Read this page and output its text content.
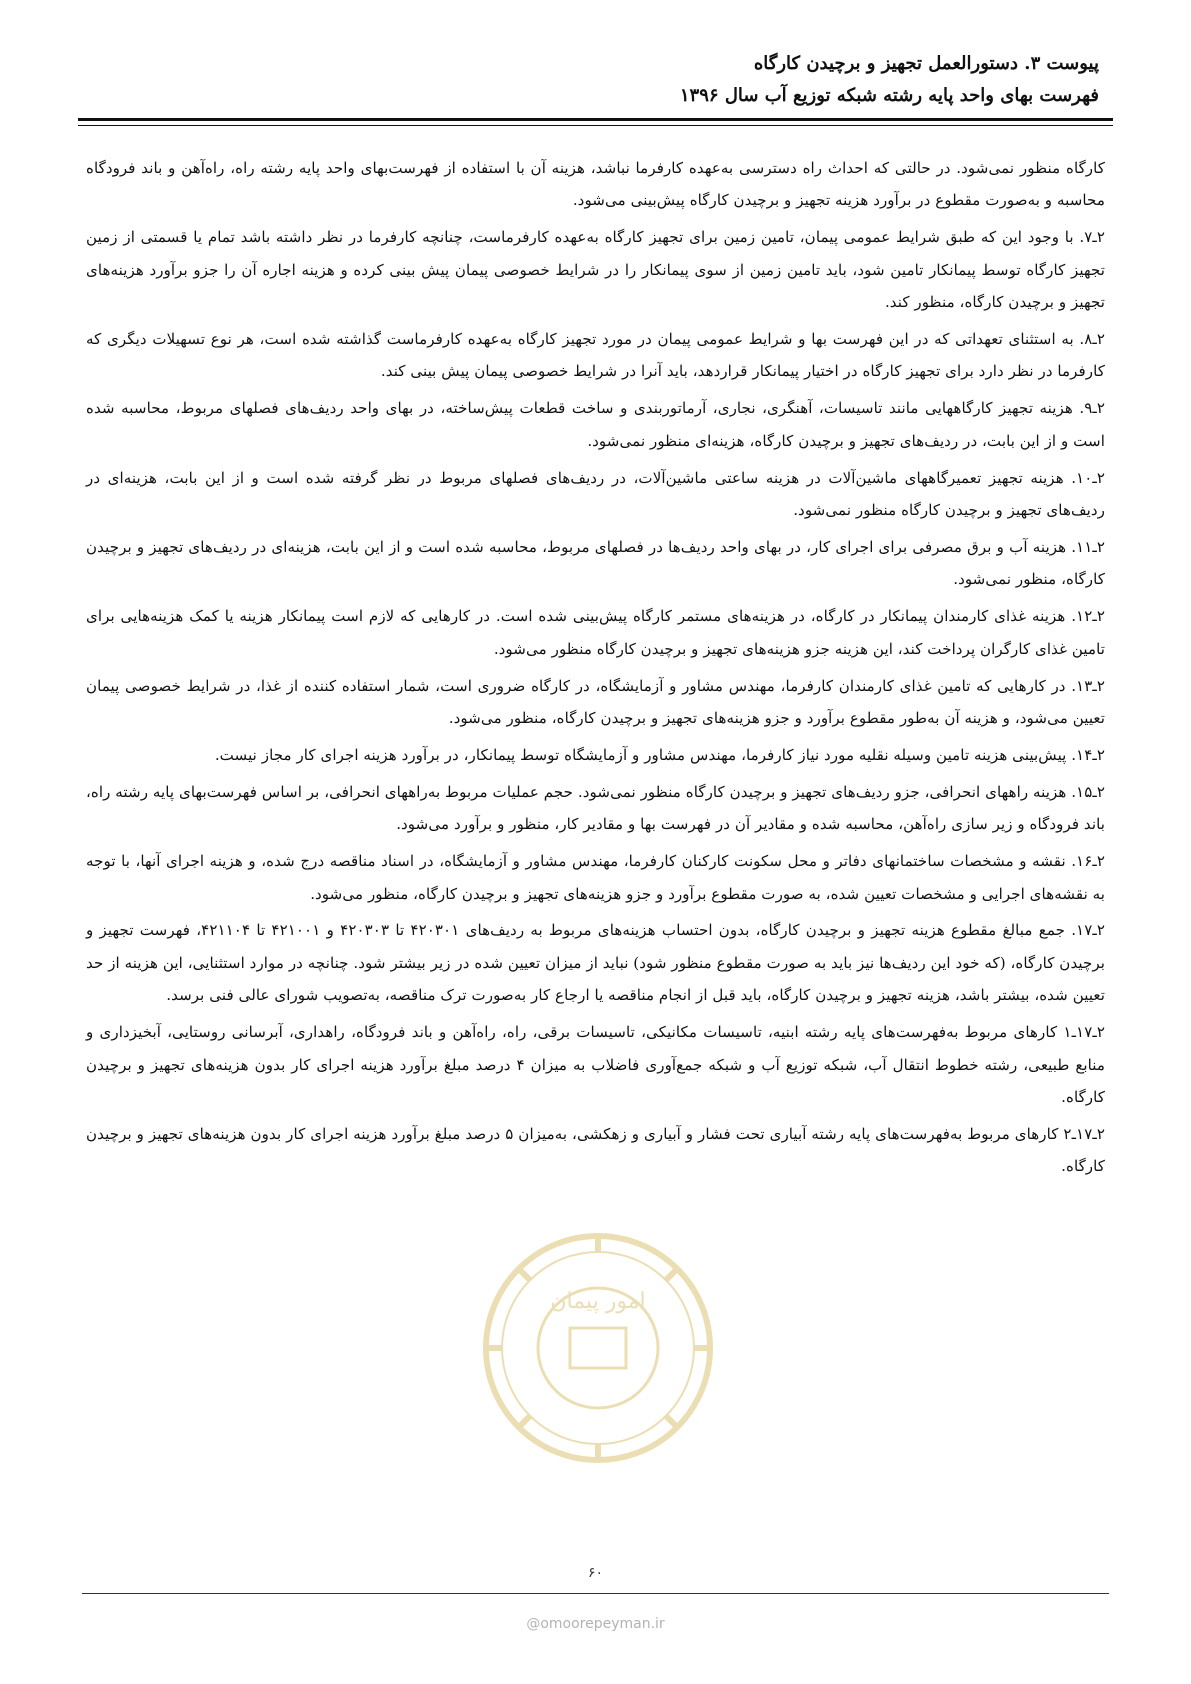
پیوست ۳. دستورالعمل تجهیز و برچیدن کارگاه
فهرست بهای واحد پایه رشته شبکه توزیع آب سال ۱۳۹۶
امور پیمان

کارگاه منظور نمی‌شود. در حالتی که احداث راه دسترسی به‌عهده کارفرما نباشد، هزینه آن با استفاده از فهرست‌بهای واحد پایه رشته راه، راه‌آهن و باند فرودگاه محاسبه و به‌صورت مقطوع در برآورد هزینه تجهیز و برچیدن کارگاه پیش‌بینی می‌شود.

۲ـ۷. با وجود این که طبق شرایط عمومی پیمان، تامین زمین برای تجهیز کارگاه به‌عهده کارفرماست، چنانچه کارفرما در نظر داشته باشد تمام یا قسمتی از زمین تجهیز کارگاه توسط پیمانکار تامین شود، باید تامین زمین از سوی پیمانکار را در شرایط خصوصی پیمان پیش بینی کرده و هزینه اجاره آن را جزو برآورد هزینه‌های تجهیز و برچیدن کارگاه، منظور کند.

۲ـ۸. به استثنای تعهداتی که در این فهرست بها و شرایط عمومی پیمان در مورد تجهیز کارگاه به‌عهده کارفرماست گذاشته شده است، هر نوع تسهیلات دیگری که کارفرما در نظر دارد برای تجهیز کارگاه در اختیار پیمانکار قراردهد، باید آنرا در شرایط خصوصی پیمان پیش بینی کند.

۲ـ۹. هزینه تجهیز کارگاههایی مانند تاسیسات، آهنگری، نجاری، آرماتوربندی و ساخت قطعات پیش‌ساخته، در بهای واحد ردیف‌های فصلهای مربوط، محاسبه شده است و از این بابت، در ردیف‌های تجهیز و برچیدن کارگاه، هزینه‌ای منظور نمی‌شود.

۲ـ۱۰. هزینه تجهیز تعمیرگاههای ماشین‌آلات در هزینه ساعتی ماشین‌آلات، در ردیف‌های فصلهای مربوط در نظر گرفته شده است و از این بابت، هزینه‌ای در ردیف‌های تجهیز و برچیدن کارگاه منظور نمی‌شود.

۲ـ۱۱. هزینه آب و برق مصرفی برای اجرای کار، در بهای واحد ردیف‌ها در فصلهای مربوط، محاسبه شده است و از این بابت، هزینه‌ای در ردیف‌های تجهیز و برچیدن کارگاه، منظور نمی‌شود.

۲ـ۱۲. هزینه غذای کارمندان پیمانکار در کارگاه، در هزینه‌های مستمر کارگاه پیش‌بینی شده است. در کارهایی که لازم است پیمانکار هزینه یا کمک هزینه‌هایی برای تامین غذای کارگران پرداخت کند، این هزینه جزو هزینه‌های تجهیز و برچیدن کارگاه منظور می‌شود.

۲ـ۱۳. در کارهایی که تامین غذای کارمندان کارفرما، مهندس مشاور و آزمایشگاه، در کارگاه ضروری است، شمار استفاده کننده از غذا، در شرایط خصوصی پیمان تعیین می‌شود، و هزینه آن به‌طور مقطوع برآورد و جزو هزینه‌های تجهیز و برچیدن کارگاه، منظور می‌شود.

۲ـ۱۴. پیش‌بینی هزینه تامین وسیله نقلیه مورد نیاز کارفرما، مهندس مشاور و آزمایشگاه توسط پیمانکار، در برآورد هزینه اجرای کار مجاز نیست.

۲ـ۱۵. هزینه راههای انحرافی، جزو ردیف‌های تجهیز و برچیدن کارگاه منظور نمی‌شود. حجم عملیات مربوط به‌راههای انحرافی، بر اساس فهرست‌بهای پایه رشته راه، باند فرودگاه و زیر سازی راه‌آهن، محاسبه شده و مقادیر آن در فهرست بها و مقادیر کار، منظور و برآورد می‌شود.

۲ـ۱۶. نقشه و مشخصات ساختمانهای دفاتر و محل سکونت کارکنان کارفرما، مهندس مشاور و آزمایشگاه، در اسناد مناقصه درج شده، و هزینه اجرای آنها، با توجه به نقشه‌های اجرایی و مشخصات تعیین شده، به صورت مقطوع برآورد و جزو هزینه‌های تجهیز و برچیدن کارگاه، منظور می‌شود.

۲ـ۱۷. جمع مبالغ مقطوع هزینه تجهیز و برچیدن کارگاه، بدون احتساب هزینه‌های مربوط به ردیف‌های ۴۲۰۳۰۱ تا ۴۲۰۳۰۳ و ۴۲۱۰۰۱ تا ۴۲۱۱۰۴، فهرست تجهیز و برچیدن کارگاه، (که خود این ردیف‌ها نیز باید به صورت مقطوع منظور شود) نباید از میزان تعیین شده در زیر بیشتر شود. چنانچه در موارد استثنایی، این هزینه از حد تعیین شده، بیشتر باشد، هزینه تجهیز و برچیدن کارگاه، باید قبل از انجام مناقصه یا ارجاع کار به‌صورت ترک مناقصه، به‌تصویب شورای عالی فنی برسد.

۲ـ۱۷ـ۱ کارهای مربوط به‌فهرست‌های پایه رشته ابنیه، تاسیسات مکانیکی، تاسیسات برقی، راه، راه‌آهن و باند فرودگاه، راهداری، آبرسانی روستایی، آبخیزداری و منابع طبیعی، رشته خطوط انتقال آب، شبکه توزیع آب و شبکه جمع‌آوری فاضلاب به میزان ۴ درصد مبلغ برآورد هزینه اجرای کار بدون هزینه‌های تجهیز و برچیدن کارگاه.

۲ـ۱۷ـ۲ کارهای مربوط به‌فهرست‌های پایه رشته آبیاری تحت فشار و آبیاری و زهکشی، به‌میزان ۵ درصد مبلغ برآورد هزینه اجرای کار بدون هزینه‌های تجهیز و برچیدن کارگاه.

۶۰
@omoorepeyman.ir
